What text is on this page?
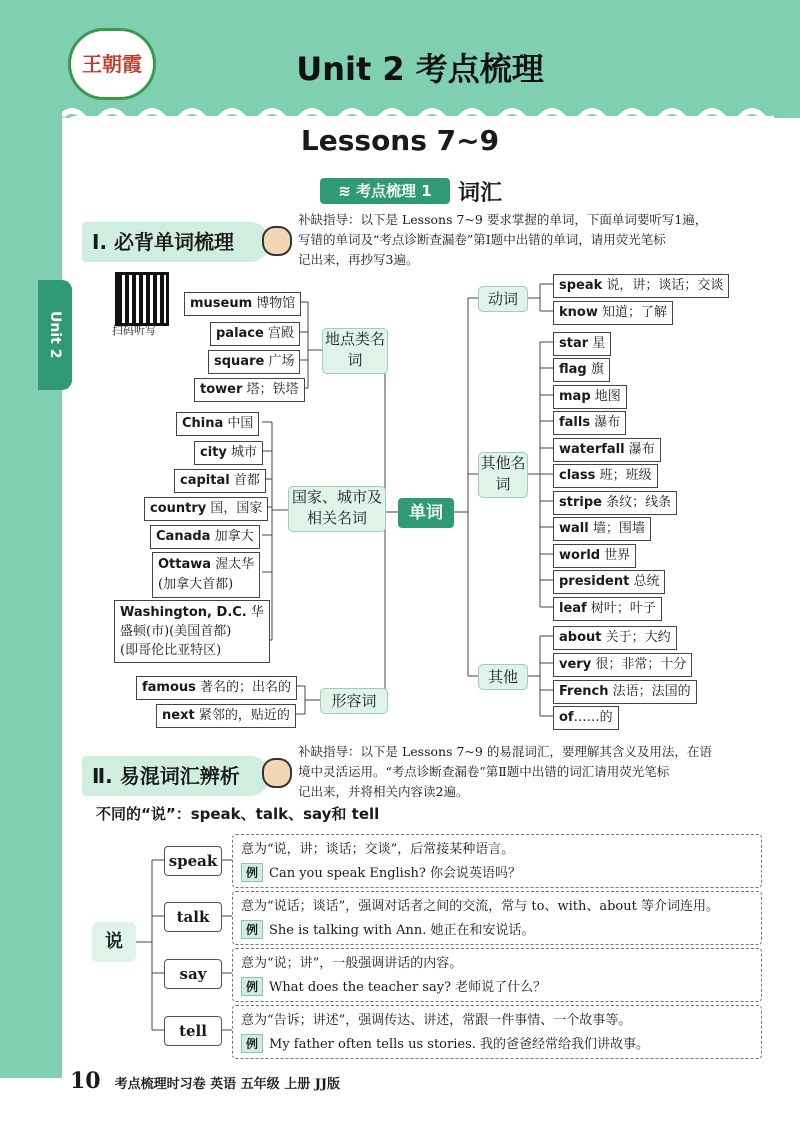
Unit 2
王朝霞	Unit 2 考点梳理
Lessons 7~9
≋ 考点梳理 1	词汇
Ⅰ. 必背单词梳理
补缺指导：以下是 Lessons 7~9 要求掌握的单词，下面单词要听写1遍，
写错的单词及“考点诊断查漏卷”第Ⅰ题中出错的单词，请用荧光笔标
记出来，再抄写3遍。
扫码听写	地点类名词
国家、城市及相关名词
形容词
单词
动词
其他名词
其他
museum 博物馆
palace 宫殿
square 广场
tower 塔；铁塔
China 中国
city 城市
capital 首都
country 国，国家
Canada 加拿大
Ottawa 渥太华
(加拿大首都)
Washington, D.C. 华
盛顿(市)(美国首都)
(即哥伦比亚特区)
famous 著名的；出名的
next 紧邻的，贴近的
speak 说，讲；谈话；交谈
know 知道；了解
star 星
flag 旗
map 地图
falls 瀑布
waterfall 瀑布
class 班；班级
stripe 条纹；线条
wall 墙；围墙
world 世界
president 总统
leaf 树叶；叶子
about 关于；大约
very 很；非常；十分
French 法语；法国的
of……的
Ⅱ. 易混词汇辨析
补缺指导：以下是 Lessons 7~9 的易混词汇，要理解其含义及用法，在语
境中灵活运用。“考点诊断查漏卷”第Ⅱ题中出错的词汇请用荧光笔标
记出来，并将相关内容读2遍。
不同的“说”：speak、talk、say和 tell
说
speak
talk
say
tell
意为“说，讲；谈话；交谈”，后常接某种语言。
例 Can you speak English? 你会说英语吗？
意为“说话；谈话”，强调对话者之间的交流，常与 to、with、about 等介词连用。
例 She is talking with Ann. 她正在和安说话。
意为“说；讲”，一般强调讲话的内容。
例 What does the teacher say? 老师说了什么？
意为“告诉；讲述”，强调传达、讲述，常跟一件事情、一个故事等。
例 My father often tells us stories. 我的爸爸经常给我们讲故事。
10 考点梳理时习卷 英语 五年级 上册 JJ版
